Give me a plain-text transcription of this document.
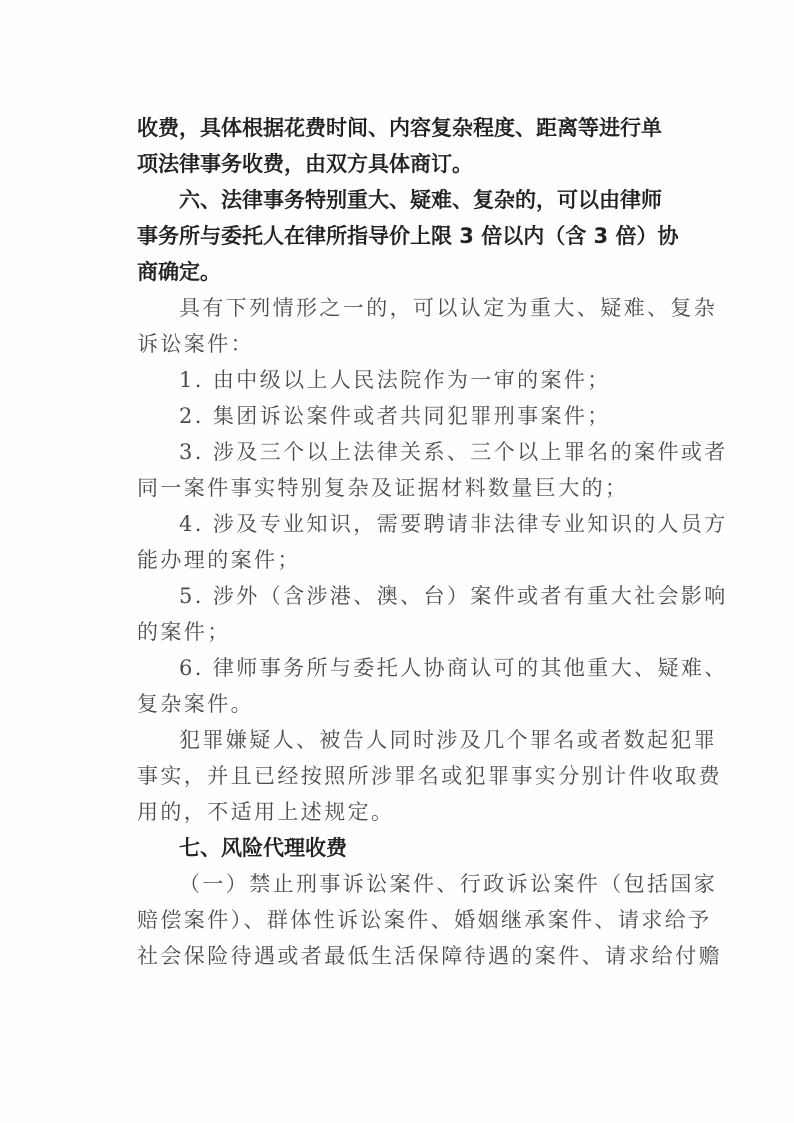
收费，具体根据花费时间、内容复杂程度、距离等进行单
项法律事务收费，由双方具体商订。
六、法律事务特别重大、疑难、复杂的，可以由律师
事务所与委托人在律所指导价上限 3 倍以内（含 3 倍）协
商确定。
具有下列情形之一的，可以认定为重大、疑难、复杂
诉讼案件：
1. 由中级以上人民法院作为一审的案件；
2. 集团诉讼案件或者共同犯罪刑事案件；
3. 涉及三个以上法律关系、三个以上罪名的案件或者
同一案件事实特别复杂及证据材料数量巨大的；
4. 涉及专业知识，需要聘请非法律专业知识的人员方
能办理的案件；
5. 涉外（含涉港、澳、台）案件或者有重大社会影响
的案件；
6. 律师事务所与委托人协商认可的其他重大、疑难、
复杂案件。
犯罪嫌疑人、被告人同时涉及几个罪名或者数起犯罪
事实，并且已经按照所涉罪名或犯罪事实分别计件收取费
用的，不适用上述规定。
七、风险代理收费
（一）禁止刑事诉讼案件、行政诉讼案件（包括国家
赔偿案件）、群体性诉讼案件、婚姻继承案件、请求给予
社会保险待遇或者最低生活保障待遇的案件、请求给付赡
